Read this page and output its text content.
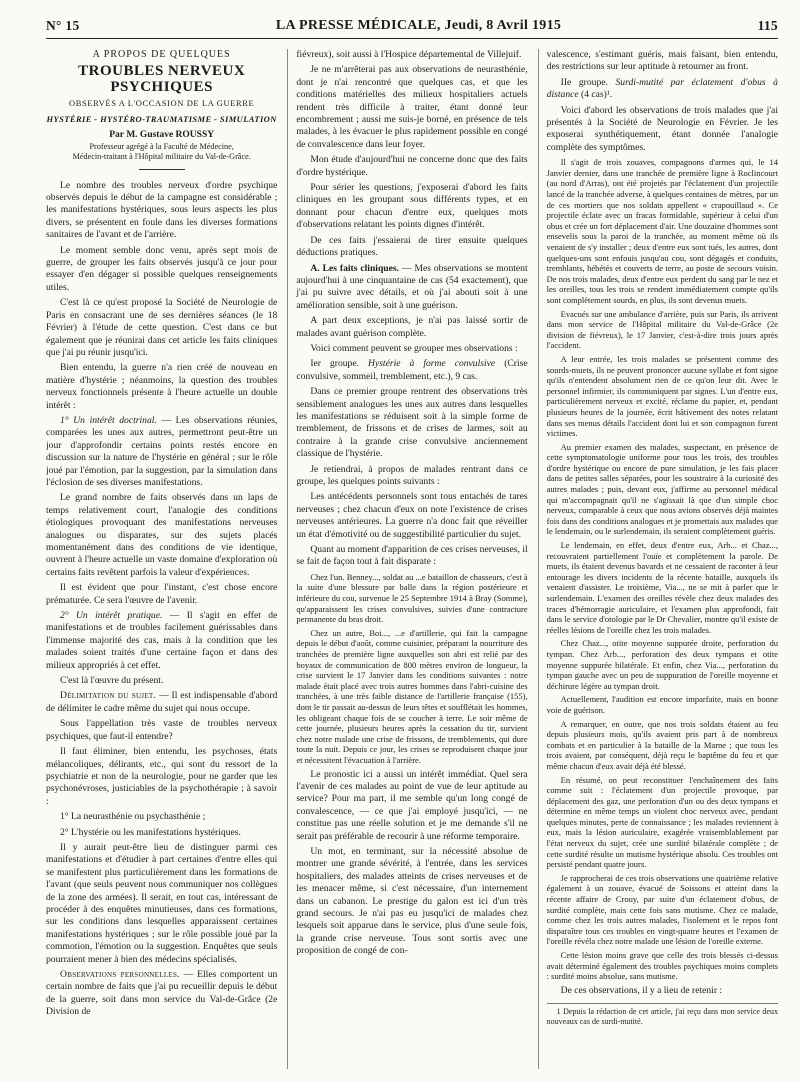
N° 15	LA PRESSE MÉDICALE, Jeudi, 8 Avril 1915	115
A PROPOS DE QUELQUES
TROUBLES NERVEUX PSYCHIQUES
OBSERVÉS A L'OCCASION DE LA GUERRE
HYSTÉRIE - HYSTÉRO-TRAUMATISME - SIMULATION
Par M. Gustave ROUSSY
Professeur agrégé à la Faculté de Médecine,
Médecin-traitant à l'Hôpital militaire du Val-de-Grâce.

Le nombre des troubles nerveux d'ordre psychique observés depuis le début de la campagne est considérable ; les manifestations hystériques, sous leurs aspects les plus divers, se présentent en foule dans les diverses formations sanitaires de l'avant et de l'arrière.

Le moment semble donc venu, après sept mois de guerre, de grouper les faits observés jusqu'à ce jour pour essayer d'en dégager si possible quelques renseignements utiles.

C'est là ce qu'est proposé la Société de Neurologie de Paris en consacrant une de ses dernières séances (le 18 Février) à l'étude de cette question. C'est dans ce but également que je réunirai dans cet article les faits cliniques que j'ai pu réunir jusqu'ici.

Bien entendu, la guerre n'a rien créé de nouveau en matière d'hystérie ; néanmoins, la question des troubles nerveux fonctionnels présente à l'heure actuelle un double intérêt :

1° Un intérêt doctrinal. — Les observations réunies, comparées les unes aux autres, permettront peut-être un jour d'approfondir certains points restés encore en discussion sur la nature de l'hystérie en général ; sur le rôle joué par l'émotion, par la suggestion, par la simulation dans l'éclosion de ses diverses manifestations.

Le grand nombre de faits observés dans un laps de temps relativement court, l'analogie des conditions étiologiques provoquant des manifestations nerveuses analogues ou disparates, sur des sujets placés momentanément dans des conditions de vie identique, ouvrent à l'heure actuelle un vaste domaine d'exploration où certains faits revêtent parfois la valeur d'expériences.

Il est évident que pour l'instant, c'est chose encore prématurée. Ce sera l'œuvre de l'avenir.

2° Un intérêt pratique. — Il s'agit en effet de manifestations et de troubles facilement guérissables dans l'immense majorité des cas, mais à la condition que les malades soient traités d'une certaine façon et dans des milieux appropriés à cet effet.

C'est là l'œuvre du présent.

Délimitation du sujet. — Il est indispensable d'abord de délimiter le cadre même du sujet qui nous occupe.

Sous l'appellation très vaste de troubles nerveux psychiques, que faut-il entendre?

Il faut éliminer, bien entendu, les psychoses, états mélancoliques, délirants, etc., qui sont du ressort de la psychiatrie et non de la neurologie, pour ne garder que les psychonévroses, justiciables de la psychothérapie ; à savoir :

1° La neurasthénie ou psychasthénie ;

2° L'hystérie ou les manifestations hystériques.

Il y aurait peut-être lieu de distinguer parmi ces manifestations et d'étudier à part certaines d'entre elles qui se manifestent plus particulièrement dans les formations de l'avant (que seuls peuvent nous communiquer nos collègues de la zone des armées). Il serait, en tout cas, intéressant de procéder à des enquêtes minutieuses, dans ces formations, sur les conditions dans lesquelles apparaissent certaines manifestations hystériques ; sur le rôle possible joué par la commotion, l'émotion ou la suggestion. Enquêtes que seuls pourraient mener à bien des médecins spécialisés.

Observations personnelles. — Elles comportent un certain nombre de faits que j'ai pu recueillir depuis le début de la guerre, soit dans mon service du Val-de-Grâce (2e Division de

fiévreux), soit aussi à l'Hospice départemental de Villejuif.

Je ne m'arrêterai pas aux observations de neurasthénie, dont je n'ai rencontré que quelques cas, et que les conditions matérielles des milieux hospitaliers actuels rendent très difficile à traiter, étant donné leur encombrement ; aussi me suis-je borné, en présence de tels malades, à les évacuer le plus rapidement possible en congé de convalescence dans leur foyer.

Mon étude d'aujourd'hui ne concerne donc que des faits d'ordre hystérique.

Pour sérier les questions, j'exposerai d'abord les faits cliniques en les groupant sous différents types, et en donnant pour chacun d'entre eux, quelques mots d'observations relatant les points dignes d'intérêt.

De ces faits j'essaierai de tirer ensuite quelques déductions pratiques.

A. Les faits cliniques. — Mes observations se montent aujourd'hui à une cinquantaine de cas (54 exactement), que j'ai pu suivre avec détails, et où j'ai abouti soit à une amélioration sensible, soit à une guérison.

A part deux exceptions, je n'ai pas laissé sortir de malades avant guérison complète.

Voici comment peuvent se grouper mes observations :

Ier groupe. Hystérie à forme convulsive (Crise convulsive, sommeil, tremblement, etc.), 9 cas.

Dans ce premier groupe rentrent des observations très sensiblement analogues les unes aux autres dans lesquelles les manifestations se réduisent soit à la simple forme de tremblement, de frissons et de crises de larmes, soit au contraire à la grande crise convulsive anciennement classique de l'hystérie.

Je retiendrai, à propos de malades rentrant dans ce groupe, les quelques points suivants :

Les antécédents personnels sont tous entachés de tares nerveuses ; chez chacun d'eux on note l'existence de crises nerveuses antérieures. La guerre n'a donc fait que réveiller un état d'émotivité ou de suggestibilité particulier du sujet.

Quant au moment d'apparition de ces crises nerveuses, il se fait de façon tout à fait disparate :

Chez l'un. Benney..., soldat au ...e bataillon de chasseurs, c'est à la suite d'une blessure par balle dans la région postérieure et inférieure du cou, survenue le 25 Septembre 1914 à Bray (Somme), qu'apparaissent les crises convulsives, suivies d'une contracture permanente du bras droit.

Chez un autre, Boi..., ...e d'artillerie, qui fait la campagne depuis le début d'août, comme cuisinier, préparant la nourriture des tranchées de première ligne auxquelles son abri est relié par des boyaux de communication de 800 mètres environ de longueur, la crise survient le 17 Janvier dans les conditions suivantes : notre malade était placé avec trois autres hommes dans l'abri-cuisine des tranchées, à une très faible distance de l'artillerie française (155), dont le tir passait au-dessus de leurs têtes et soufflétait les hommes, les obligeant chaque fois de se coucher à terre. Le soir même de cette journée, plusieurs heures après la cessation du tir, survient chez notre malade une crise de frissons, de tremblements, qui dure toute la nuit. Depuis ce jour, les crises se reproduisent chaque jour et nécessitent l'évacuation à l'arrière.

Le pronostic ici a aussi un intérêt immédiat. Quel sera l'avenir de ces malades au point de vue de leur aptitude au service? Pour ma part, il me semble qu'un long congé de convalescence, — ce que j'ai employé jusqu'ici, — ne constitue pas une réelle solution et je me demande s'il ne serait pas préférable de recourir à une réforme temporaire.

Un mot, en terminant, sur la nécessité absolue de montrer une grande sévérité, à l'entrée, dans les services hospitaliers, des malades atteints de crises nerveuses et de les menacer même, si c'est nécessaire, d'un internement dans un cabanon. Le prestige du galon est ici d'un très grand secours. Je n'ai pas eu jusqu'ici de malades chez lesquels soit apparue dans le service, plus d'une seule fois, la grande crise nerveuse. Tous sont sortis avec une proposition de congé de con-

valescence, s'estimant guéris, mais faisant, bien entendu, des restrictions sur leur aptitude à retourner au front.

IIe groupe. Surdi-mutité par éclatement d'obus à distance (4 cas)¹.

Voici d'abord les observations de trois malades que j'ai présentés à la Société de Neurologie en Février. Je les exposerai synthétiquement, étant donnée l'analogie complète des symptômes.

Il s'agit de trois zouaves, compagnons d'armes qui, le 14 Janvier dernier, dans une tranchée de première ligne à Roclincourt (au nord d'Arras), ont été projetés par l'éclatement d'un projectile lancé de la tranchée adverse, à quelques centaines de mètres, par un de ces mortiers que nos soldats appellent « crapouillaud ». Ce projectile éclate avec un fracas formidable, supérieur à celui d'un obus et crée un fort déplacement d'air. Une douzaine d'hommes sont ensevelis sous la paroi de la tranchée, au moment même où ils venaient de s'y installer ; deux d'entre eux sont tués, les autres, dont quelques-uns sont enfouis jusqu'au cou, sont dégagés et conduits, tremblants, hébétés et couverts de terre, au poste de secours voisin. De nos trois malades, deux d'entre eux perdent du sang par le nez et les oreilles, tous les trois se rendent immédiatement compte qu'ils sont complètement sourds, en plus, ils sont devenus muets.

Evacués sur une ambulance d'arrière, puis sur Paris, ils arrivent dans mon service de l'Hôpital militaire du Val-de-Grâce (2e division de fiévreux), le 17 Janvier, c'est-à-dire trois jours après l'accident.

A leur entrée, les trois malades se présentent comme des sourds-muets, ils ne peuvent prononcer aucune syllabe et font signe qu'ils n'entendent absolument rien de ce qu'on leur dit. Avec le personnel infirmier, ils communiquent par signes. L'un d'entre eux, particulièrement nerveux et excité, réclame du papier, et, pendant plusieurs heures de la journée, écrit hâtivement des notes relatant dans ses menus détails l'accident dont lui et son compagnon furent victimes.

Au premier examen des malades, suspectant, en présence de cette symptomatologie uniforme pour tous les trois, des troubles d'ordre hystérique ou encore de pure simulation, je les fais placer dans de petites salles séparées, pour les soustraire à la curiosité des autres malades ; puis, devant eux, j'affirme au personnel médical qui m'accompagnait qu'il ne s'agissait là que d'un simple choc nerveux, comparable à ceux que nous avions observés déjà maintes fois dans des conditions analogues et je promettais aux malades que le lendemain, ou le surlendemain, ils seraient complètement guéris.

Le lendemain, en effet, deux d'entre eux, Arb... et Chaz..., recouvraient partiellement l'ouïe et complètement la parole. De muets, ils étaient devenus bavards et ne cessaient de raconter à leur entourage les divers incidents de la récente bataille, auxquels ils venaient d'assister. Le troisième, Via..., ne se mit à parler que le surlendemain. L'examen des oreilles révèle chez deux malades des traces d'hémorragie auriculaire, et l'examen plus approfondi, fait dans le service d'otologie par le Dr Chevalier, montre qu'il existe de réelles lésions de l'oreille chez les trois malades.

Chez Chaz..., otite moyenne suppurée droite, perforation du tympan. Chez Arb..., perforation des deux tympans et otite moyenne suppurée bilatérale. Et enfin, chez Via..., perforation du tympan gauche avec un peu de suppuration de l'oreille moyenne et déchirure légère au tympan droit.

Actuellement, l'audition est encore imparfaite, mais en bonne voie de guérison.

A remarquer, en outre, que nos trois soldats étaient au feu depuis plusieurs mois, qu'ils avaient pris part à de nombreux combats et en particulier à la bataille de la Marne ; que tous les trois avaient, par conséquent, déjà reçu le baptême du feu et que même chacun d'eux avait déjà été blessé.

En résumé, on peut reconstituer l'enchaînement des faits comme suit : l'éclatement d'un projectile provoque, par déplacement des gaz, une perforation d'un ou des deux tympans et détermine en même temps un violent choc nerveux avec, pendant quelques minutes, perte de connaissance ; les malades reviennent à eux, mais la lésion auriculaire, exagérée vraisemblablement par l'état nerveux du sujet, crée une surdité bilatérale complète ; de cette surdité résulte un mutisme hystérique absolu. Ces troubles ont persisté pendant quatre jours.

Je rapprocherai de ces trois observations une quatrième relative également à un zouave, évacué de Soissons et atteint dans la récente affaire de Crouy, par suite d'un éclatement d'obus, de surdité complète, mais cette fois sans mutisme. Chez ce malade, comme chez les trois autres malades, l'isolement et le repos font disparaître tous ces troubles en vingt-quatre heures et l'examen de l'oreille révéla chez notre malade une lésion de l'oreille externe.

Cette lésion moins grave que celle des trois blessés ci-dessus avait déterminé également des troubles psychiques moins complets : surdité moins absolue, sans mutisme.

De ces observations, il y a lieu de retenir :

1 Depuis la rédaction de cet article, j'ai reçu dans mon service deux nouveaux cas de surdi-mutité.
